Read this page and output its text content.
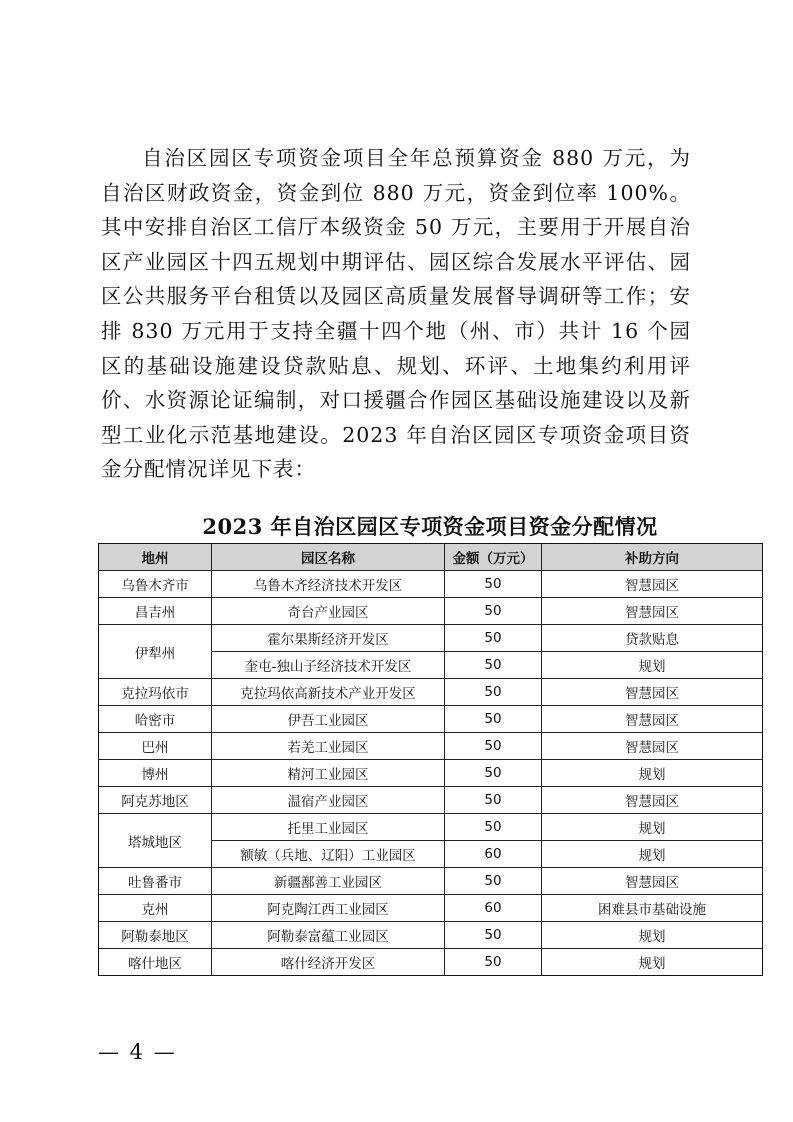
自治区园区专项资金项目全年总预算资金 880 万元，为自治区财政资金，资金到位 880 万元，资金到位率 100%。其中安排自治区工信厅本级资金 50 万元，主要用于开展自治区产业园区十四五规划中期评估、园区综合发展水平评估、园区公共服务平台租赁以及园区高质量发展督导调研等工作；安排 830 万元用于支持全疆十四个地（州、市）共计 16 个园区的基础设施建设贷款贴息、规划、环评、土地集约利用评价、水资源论证编制，对口援疆合作园区基础设施建设以及新型工业化示范基地建设。2023 年自治区园区专项资金项目资金分配情况详见下表：

2023 年自治区园区专项资金项目资金分配情况
地州	园区名称	金额（万元）	补助方向
乌鲁木齐市	乌鲁木齐经济技术开发区	50	智慧园区
昌吉州	奇台产业园区	50	智慧园区
伊犁州	霍尔果斯经济开发区	50	贷款贴息
	奎屯-独山子经济技术开发区	50	规划
克拉玛依市	克拉玛依高新技术产业开发区	50	智慧园区
哈密市	伊吾工业园区	50	智慧园区
巴州	若羌工业园区	50	智慧园区
博州	精河工业园区	50	规划
阿克苏地区	温宿产业园区	50	智慧园区
塔城地区	托里工业园区	50	规划
	额敏（兵地、辽阳）工业园区	60	规划
吐鲁番市	新疆鄯善工业园区	50	智慧园区
克州	阿克陶江西工业园区	60	困难县市基础设施
阿勒泰地区	阿勒泰富蕴工业园区	50	规划
喀什地区	喀什经济开发区	50	规划
— 4 —
